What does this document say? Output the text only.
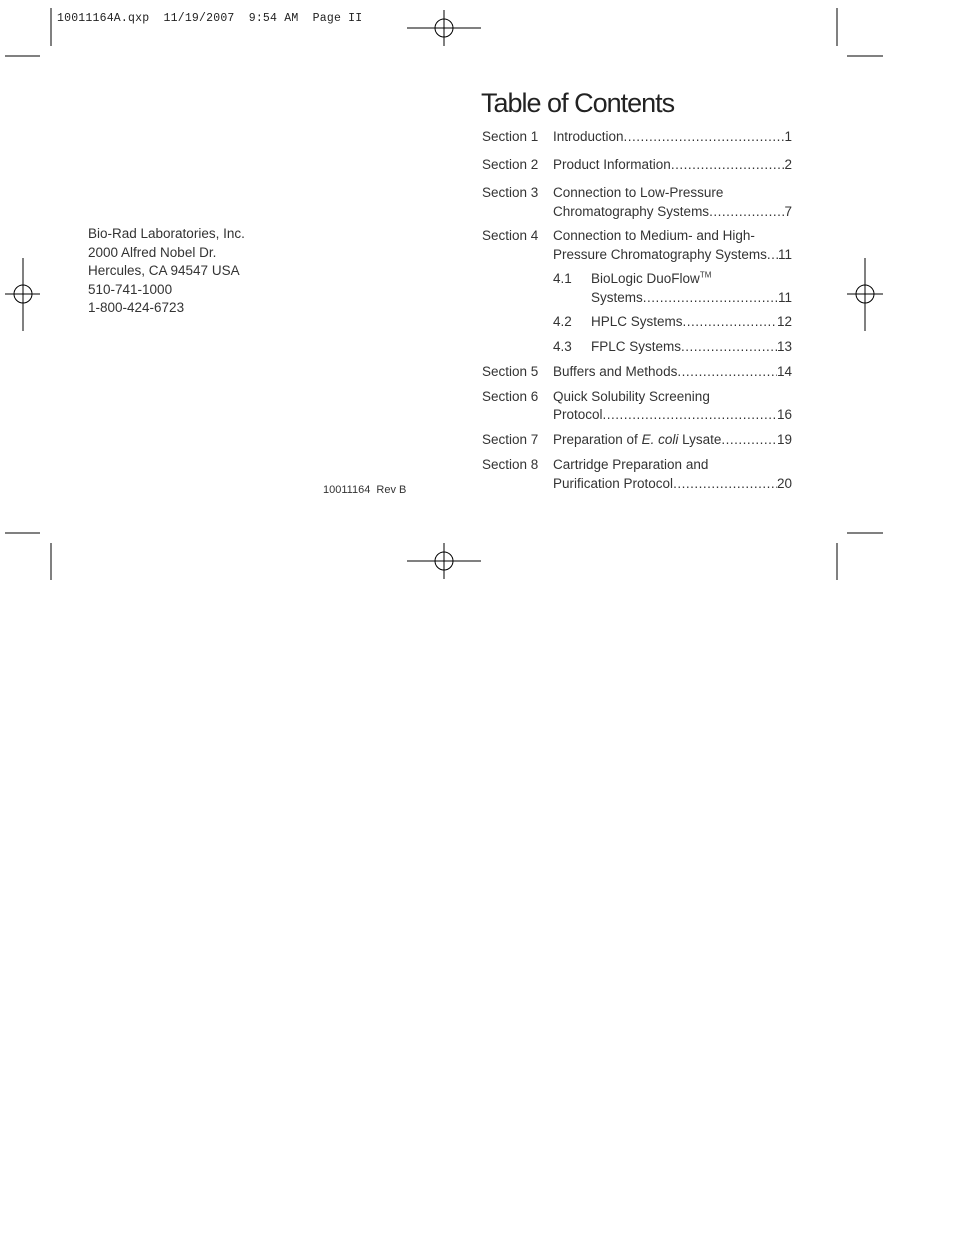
10011164A.qxp  11/19/2007  9:54 AM  Page II
Bio-Rad Laboratories, Inc.
2000 Alfred Nobel Dr.
Hercules, CA 94547 USA
510-741-1000
1-800-424-6723
10011164  Rev B
Table of Contents
Section 1	Introduction .....	1
Section 2	Product Information .....	2
Section 3	Connection to Low-Pressure
Chromatography Systems .....	7
Section 4	Connection to Medium- and High-
Pressure Chromatography Systems ..... 11
4.1	BioLogic DuoFlow™
Systems .....	11
4.2	HPLC Systems .....	12
4.3	FPLC Systems .....	13
Section 5	Buffers and Methods .....	14
Section 6	Quick Solubility Screening
Protocol .....	16
Section 7	Preparation of E. coli Lysate .....	19
Section 8	Cartridge Preparation and
Purification Protocol .....	20
